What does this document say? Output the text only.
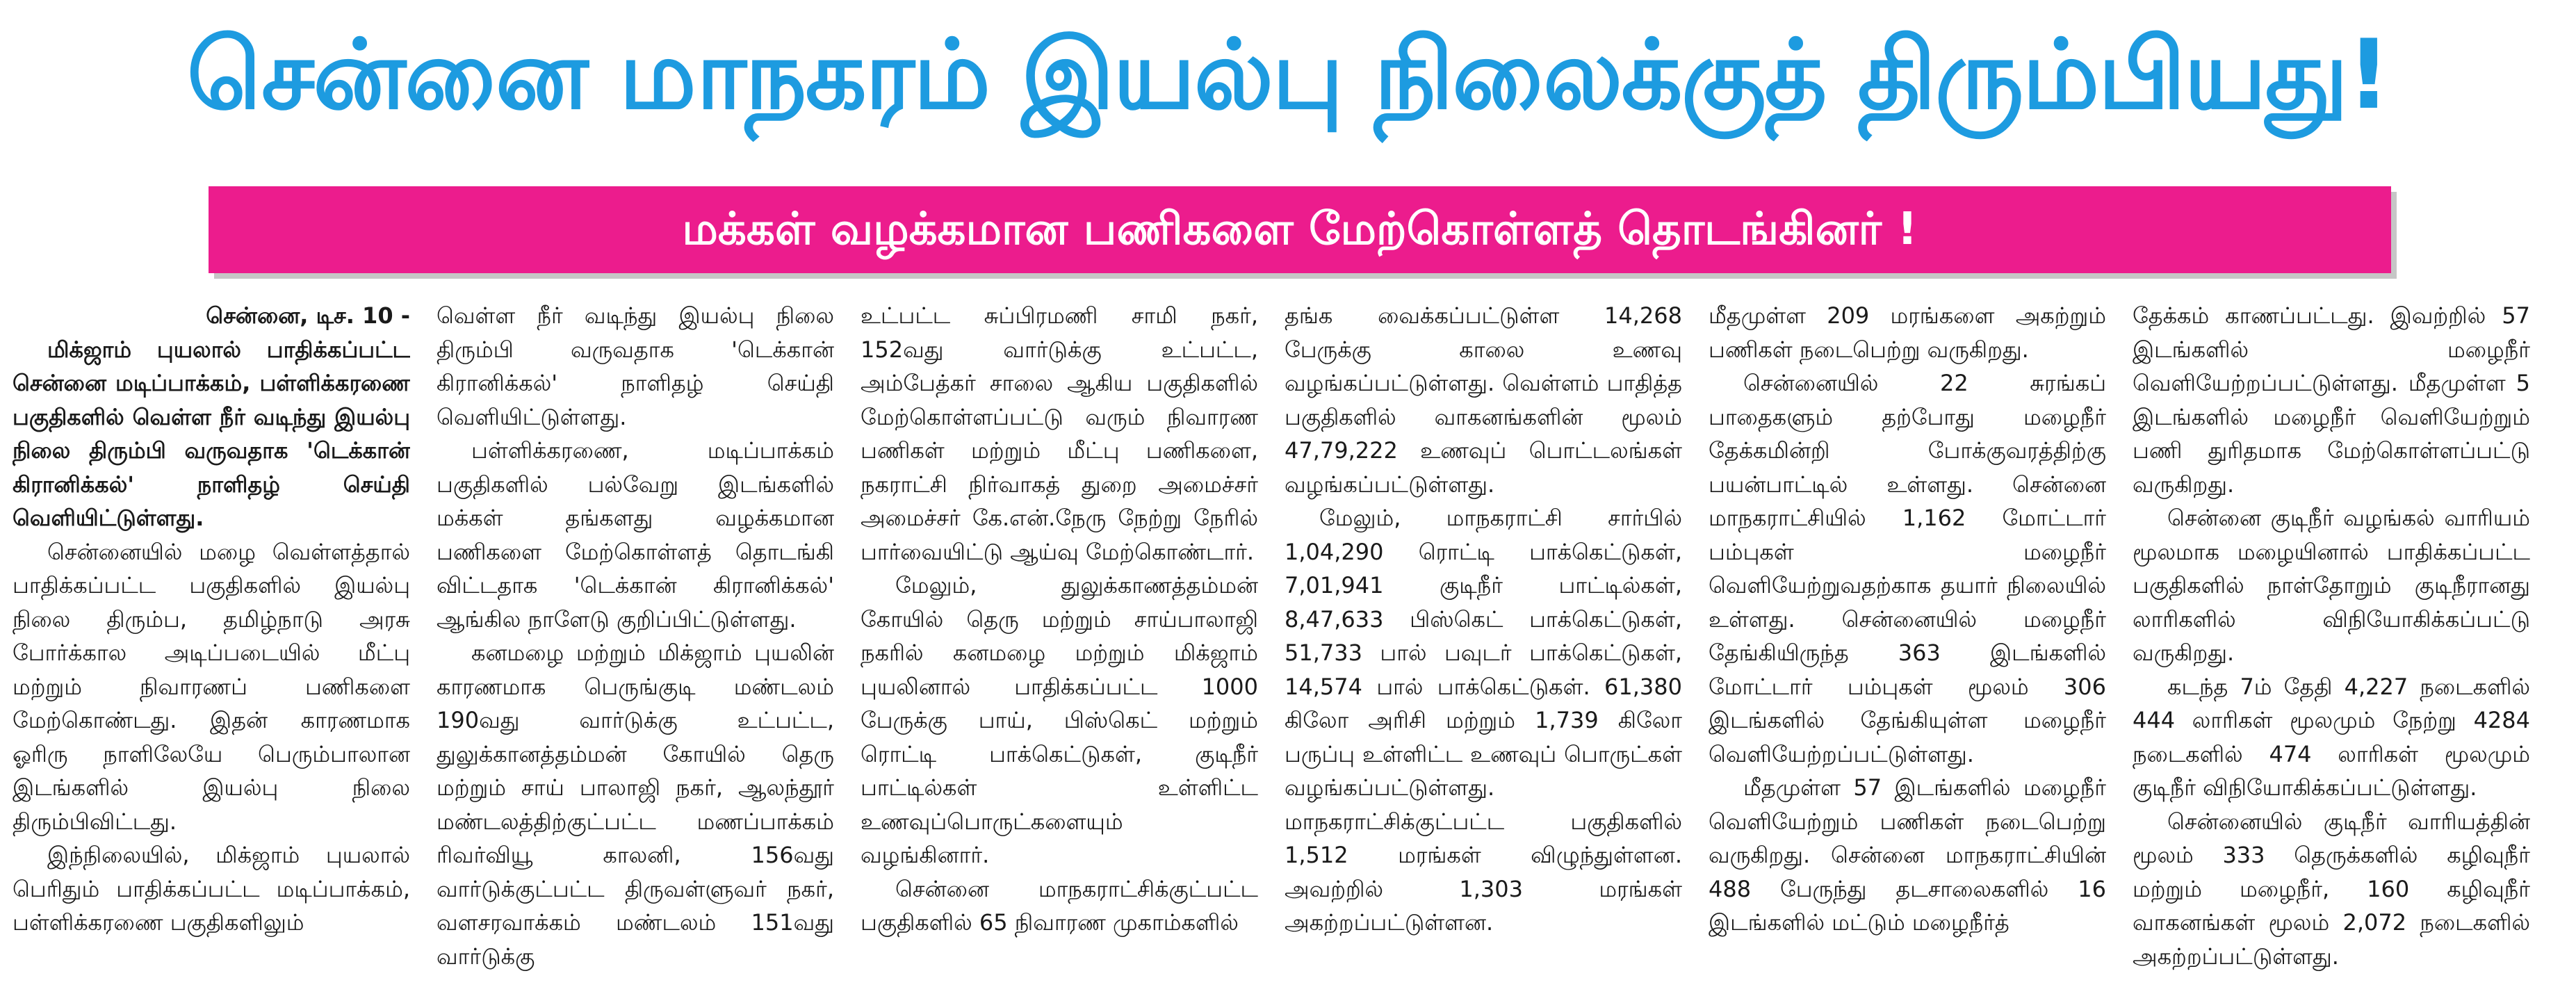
சென்னை மாநகரம் இயல்பு நிலைக்குத் திரும்பியது!
மக்கள் வழக்கமான பணிகளை மேற்கொள்ளத் தொடங்கினர் !

சென்னை, டிச. 10 -

மிக்ஜாம் புயலால் பாதிக்கப்பட்ட சென்னை மடிப்பாக்கம், பள்ளிக்கரணை பகுதிகளில் வெள்ள நீர் வடிந்து இயல்பு நிலை திரும்பி வருவதாக 'டெக்கான் கிரானிக்கல்' நாளிதழ் செய்தி வெளியிட்டுள்ளது.

சென்னையில் மழை வெள்ளத்தால் பாதிக்கப்பட்ட பகுதிகளில் இயல்பு நிலை திரும்ப, தமிழ்நாடு அரசு போர்க்கால அடிப்படையில் மீட்பு மற்றும் நிவாரணப் பணிகளை மேற்கொண்டது. இதன் காரணமாக ஓரிரு நாளிலேயே பெரும்பாலான இடங்களில் இயல்பு நிலை திரும்பிவிட்டது.

இந்நிலையில், மிக்ஜாம் புயலால் பெரிதும் பாதிக்கப்பட்ட மடிப்பாக்கம், பள்ளிக்கரணை பகுதிகளிலும்

வெள்ள நீர் வடிந்து இயல்பு நிலை திரும்பி வருவதாக 'டெக்கான் கிரானிக்கல்' நாளிதழ் செய்தி வெளியிட்டுள்ளது.

பள்ளிக்கரணை, மடிப்பாக்கம் பகுதிகளில் பல்வேறு இடங்களில் மக்கள் தங்களது வழக்கமான பணிகளை மேற்கொள்ளத் தொடங்கி விட்டதாக 'டெக்கான் கிரானிக்கல்' ஆங்கில நாளேடு குறிப்பிட்டுள்ளது.

கனமழை மற்றும் மிக்ஜாம் புயலின் காரணமாக பெருங்குடி மண்டலம் 190வது வார்டுக்கு உட்பட்ட, துலுக்கானத்தம்மன் கோயில் தெரு மற்றும் சாய் பாலாஜி நகர், ஆலந்தூர் மண்டலத்திற்குட்பட்ட மணப்பாக்கம் ரிவர்வியூ காலனி, 156வது வார்டுக்குட்பட்ட திருவள்ளுவர் நகர், வளசரவாக்கம் மண்டலம் 151வது வார்டுக்கு

உட்பட்ட சுப்பிரமணி சாமி நகர், 152வது வார்டுக்கு உட்பட்ட, அம்பேத்கர் சாலை ஆகிய பகுதிகளில் மேற்கொள்ளப்பட்டு வரும் நிவாரண பணிகள் மற்றும் மீட்பு பணிகளை, நகராட்சி நிர்வாகத் துறை அமைச்சர் அமைச்சர் கே.என்.நேரு நேற்று நேரில் பார்வையிட்டு ஆய்வு மேற்கொண்டார்.

மேலும், துலுக்காணத்தம்மன் கோயில் தெரு மற்றும் சாய்பாலாஜி நகரில் கனமழை மற்றும் மிக்ஜாம் புயலினால் பாதிக்கப்பட்ட 1000 பேருக்கு பாய், பிஸ்கெட் மற்றும் ரொட்டி பாக்கெட்டுகள், குடிநீர் பாட்டில்கள் உள்ளிட்ட உணவுப்பொருட்களையும் வழங்கினார்.

சென்னை மாநகராட்சிக்குட்பட்ட பகுதிகளில் 65 நிவாரண முகாம்களில்

தங்க வைக்கப்பட்டுள்ள 14,268 பேருக்கு காலை உணவு வழங்கப்பட்டுள்ளது. வெள்ளம் பாதித்த பகுதிகளில் வாகனங்களின் மூலம் 47,79,222 உணவுப் பொட்டலங்கள் வழங்கப்பட்டுள்ளது.

மேலும், மாநகராட்சி சார்பில் 1,04,290 ரொட்டி பாக்கெட்டுகள், 7,01,941 குடிநீர் பாட்டில்கள், 8,47,633 பிஸ்கெட் பாக்கெட்டுகள், 51,733 பால் பவுடர் பாக்கெட்டுகள், 14,574 பால் பாக்கெட்டுகள். 61,380 கிலோ அரிசி மற்றும் 1,739 கிலோ பருப்பு உள்ளிட்ட உணவுப் பொருட்கள் வழங்கப்பட்டுள்ளது. மாநகராட்சிக்குட்பட்ட பகுதிகளில் 1,512 மரங்கள் விழுந்துள்ளன. அவற்றில் 1,303 மரங்கள் அகற்றப்பட்டுள்ளன.

மீதமுள்ள 209 மரங்களை அகற்றும் பணிகள் நடைபெற்று வருகிறது.

சென்னையில் 22 சுரங்கப் பாதைகளும் தற்போது மழைநீர் தேக்கமின்றி போக்குவரத்திற்கு பயன்பாட்டில் உள்ளது. சென்னை மாநகராட்சியில் 1,162 மோட்டார் பம்புகள் மழைநீர் வெளியேற்றுவதற்காக தயார் நிலையில் உள்ளது. சென்னையில் மழைநீர் தேங்கியிருந்த 363 இடங்களில் மோட்டார் பம்புகள் மூலம் 306 இடங்களில் தேங்கியுள்ள மழைநீர் வெளியேற்றப்பட்டுள்ளது.

மீதமுள்ள 57 இடங்களில் மழைநீர் வெளியேற்றும் பணிகள் நடைபெற்று வருகிறது. சென்னை மாநகராட்சியின் 488 பேருந்து தடசாலைகளில் 16 இடங்களில் மட்டும் மழைநீர்த்

தேக்கம் காணப்பட்டது. இவற்றில் 57 இடங்களில் மழைநீர் வெளியேற்றப்பட்டுள்ளது. மீதமுள்ள 5 இடங்களில் மழைநீர் வெளியேற்றும் பணி துரிதமாக மேற்கொள்ளப்பட்டு வருகிறது.

சென்னை குடிநீர் வழங்கல் வாரியம் மூலமாக மழையினால் பாதிக்கப்பட்ட பகுதிகளில் நாள்தோறும் குடிநீரானது லாரிகளில் விநியோகிக்கப்பட்டு வருகிறது.

கடந்த 7ம் தேதி 4,227 நடைகளில் 444 லாரிகள் மூலமும் நேற்று 4284 நடைகளில் 474 லாரிகள் மூலமும் குடிநீர் விநியோகிக்கப்பட்டுள்ளது.

சென்னையில் குடிநீர் வாரியத்தின் மூலம் 333 தெருக்களில் கழிவுநீர் மற்றும் மழைநீர், 160 கழிவுநீர் வாகனங்கள் மூலம் 2,072 நடைகளில் அகற்றப்பட்டுள்ளது.
